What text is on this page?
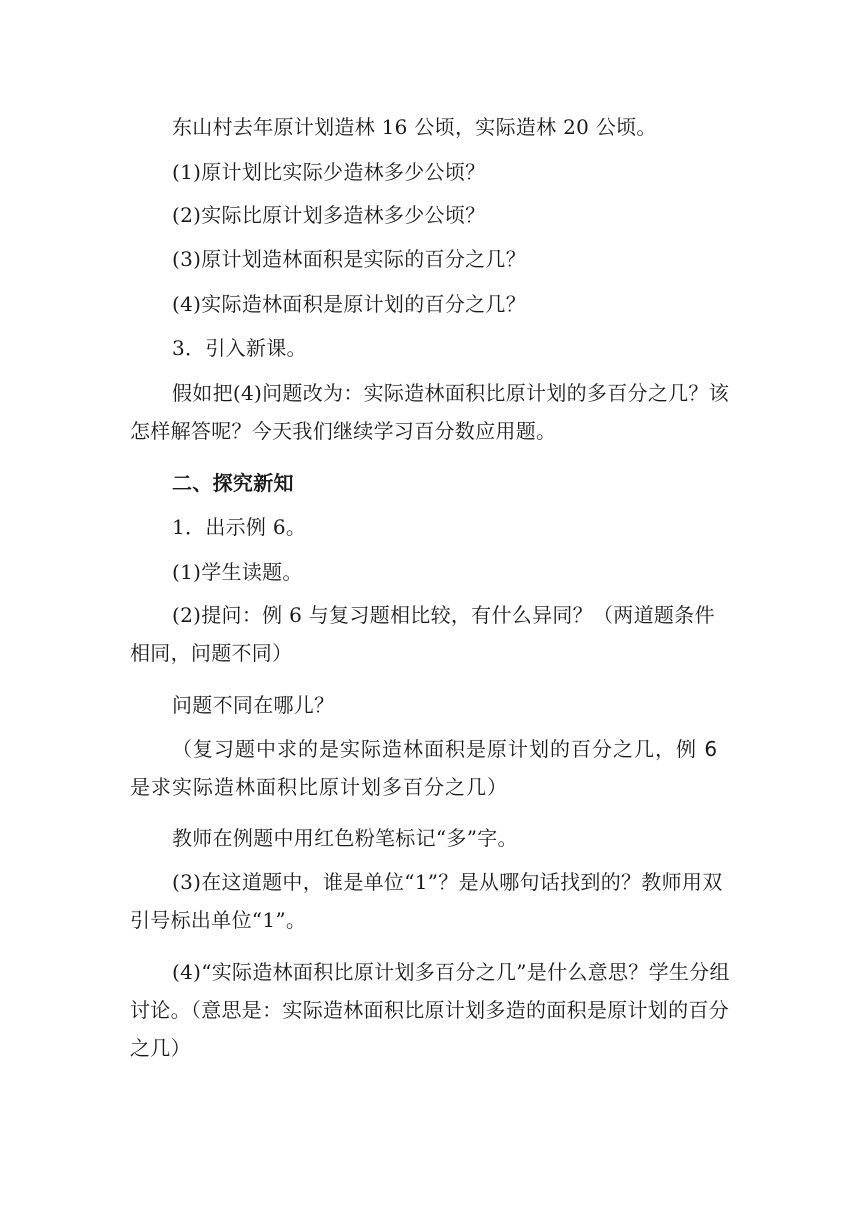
东山村去年原计划造林 16 公顷，实际造林 20 公顷。

(1)原计划比实际少造林多少公顷？

(2)实际比原计划多造林多少公顷？

(3)原计划造林面积是实际的百分之几？

(4)实际造林面积是原计划的百分之几？

3．引入新课。

假如把(4)问题改为：实际造林面积比原计划的多百分之几？该怎样解答呢？今天我们继续学习百分数应用题。

二、探究新知

1．出示例 6。

(1)学生读题。

(2)提问：例 6 与复习题相比较，有什么异同？（两道题条件相同，问题不同）

问题不同在哪儿？

（复习题中求的是实际造林面积是原计划的百分之几，例 6 是求实际造林面积比原计划多百分之几）

教师在例题中用红色粉笔标记“多”字。

(3)在这道题中，谁是单位“1”？是从哪句话找到的？教师用双引号标出单位“1”。

(4)“实际造林面积比原计划多百分之几”是什么意思？学生分组讨论。（意思是：实际造林面积比原计划多造的面积是原计划的百分之几）
